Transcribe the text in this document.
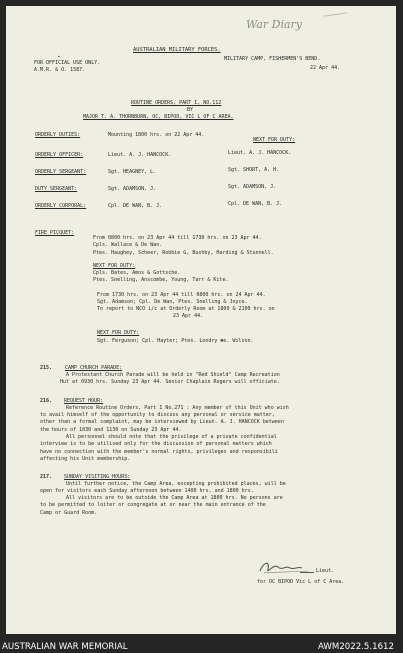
War Diary
AUSTRALIAN MILITARY FORCES.
▲
FOR OFFICIAL USE ONLY.
A.M.R. & O. 1587.
MILITARY CAMP, FISHERMEN'S BEND.
22 Apr 44.
ROUTINE ORDERS, PART I, NO.112
BY
MAJOR T. A. THORNBURN, OC, BIPOD, VIC L OF C AREA.
NEXT FOR DUTY:
ORDERLY DUTIES:	Mounting 1800 hrs. on 22 Apr 44.
ORDERLY OFFICER:	Lieut. A. J. HANCOCK.	Lieut. A. J. HANCOCK.
ORDERLY SERGEANT:	Sgt. HEAGNEY, L.	Sgt. SHORT, A. H.
DUTY SERGEANT:	Sgt. ADAMSON, J.	Sgt. ADAMSON, J.
ORDERLY CORPORAL:	Cpl. DE WAN, B. J.	Cpl. DE WAN, B. J.
FIRE PICQUET:
From 0800 hrs. on 23 Apr 44 till 1730 hrs. on 23 Apr 44.
Cpls. Wallace & De Wan.
Ptes. Haughey, Scheer, Robbie G, Bushby, Harding & Stunnell.
NEXT FOR DUTY:
Cpls. Bates, Amos & Gottsche.
Ptes. Snelling, Anscombe, Young, Tarr & Kite.
From 1730 hrs. on 23 Apr 44 till 0800 hrs. on 24 Apr 44.
Sgt. Adamson; Cpl. De Wan, Ptes. Snelling & Joyce.
To report to NCO i/c at Orderly Room at 1800 & 2100 hrs. on
23 Apr 44.
NEXT FOR DUTY:
Sgt. Ferguson; Cpl. Hayter; Ptes. Londry ☻s. Wilson.
215.	CAMP CHURCH PARADE:
A Protestant Church Parade will be held in "Red Shield" Camp Recreation
Hut at 0930 hrs. Sunday 23 Apr 44. Senior Chaplain Rogers will officiate.
216. REQUEST HOUR:
Reference Routine Orders, Part I No.271 : Any member of this Unit who wish
to avail himself of the opportunity to discuss any personal or service matter,
other than a formal complaint, may be interviewed by Lieut. A. J. HANCOCK between
the hours of 1030 and 1130 on Sunday 23 Apr 44.
All personnel should note that the privilege of a private confidential
interview is to be utilised only for the discussion of personal matters which
have no connection with the member's normal rights, privileges and responsibili
affecting his Unit membership.
217. SUNDAY VISITING HOURS:
Until further notice, the Camp Area, excepting prohibited places, will be
open for visitors each Sunday afternoon between 1400 hrs. and 1800 hrs.
All visitors are to be outside the Camp Area at 1800 hrs. No persons are
to be permitted to loiter or congregate at or near the main entrance of the
Camp or Guard Room.
Lieut.
for OC BIPOD Vic L of C Area.
AUSTRALIAN WAR MEMORIAL	AWM2022.5.1612
